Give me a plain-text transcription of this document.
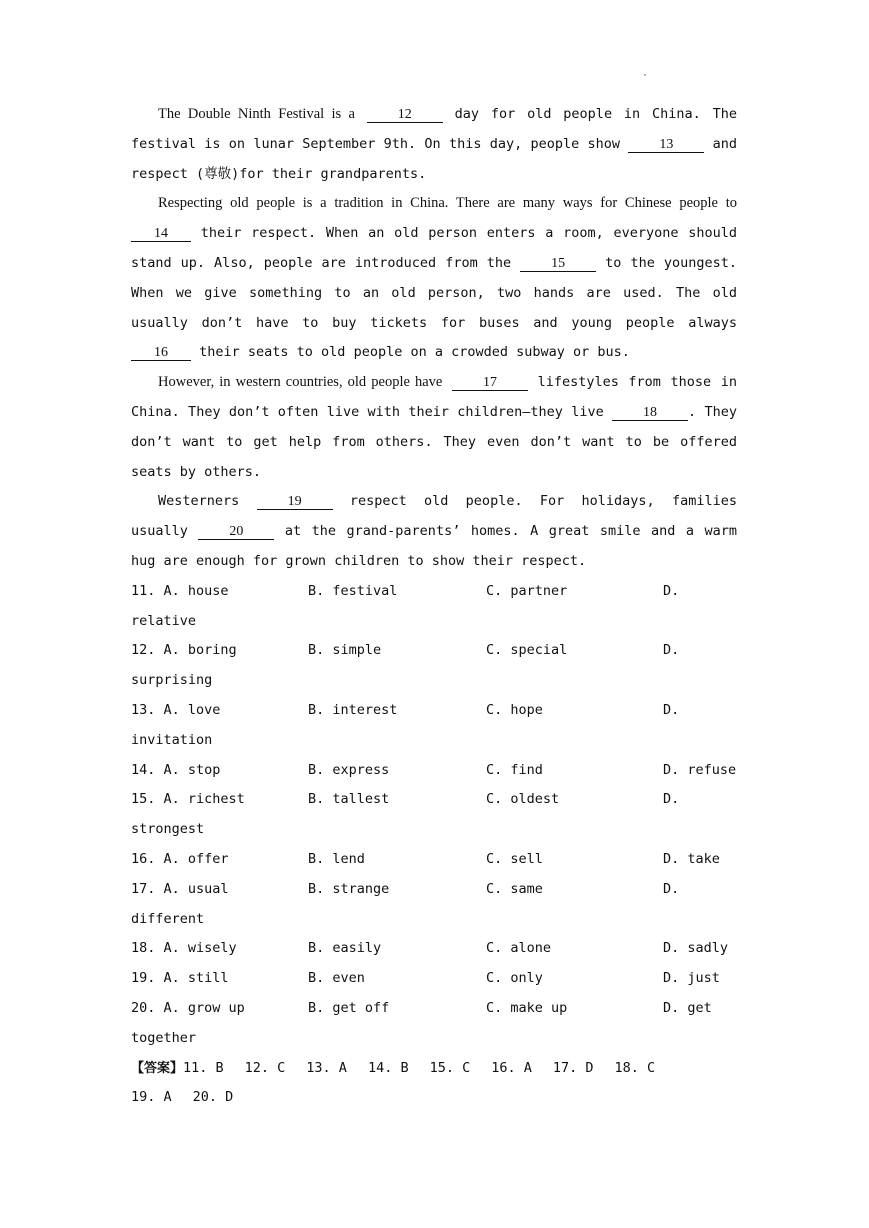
·

The Double Ninth Festival is a	12	day for old people in China. The festival is on lunar September 9th. On this day, people show	13	and respect (尊敬)for their grandparents.

Respecting old people is a tradition in China. There are many ways for Chinese people to 14 their respect. When an old person enters a room, everyone should stand up. Also, people are introduced from the	15	to the youngest. When we give something to an old person, two hands are used. The old usually don’t have to buy tickets for buses and young people always 16 their seats to old people on a crowded subway or bus.

However, in western countries, old people have	17	lifestyles from those in China. They don’t often live with their children—they live	18 . They don’t want to get help from others. They even don’t want to be offered seats by others.

Westerners	19	respect old people. For holidays, families usually	20	at the grand-parents’ homes. A great smile and a warm hug are enough for grown children to show their respect.

11. A. house	B. festival	C. partner	D.
relative
12. A. boring	B. simple	C. special	D.
surprising
13. A. love	B. interest	C. hope	D.
invitation
14. A. stop	B. express	C. find	D. refuse
15. A. richest	B. tallest	C. oldest	D.
strongest
16. A. offer	B. lend	C. sell	D. take
17. A. usual	B. strange	C. same	D.
different
18. A. wisely	B. easily	C. alone	D. sadly
19. A. still	B. even	C. only	D. just
20. A. grow up	B. get off	C. make up	D. get
together

【答案】11. B 12. C 13. A 14. B 15. C 16. A 17. D 18. C19. A 20. D
